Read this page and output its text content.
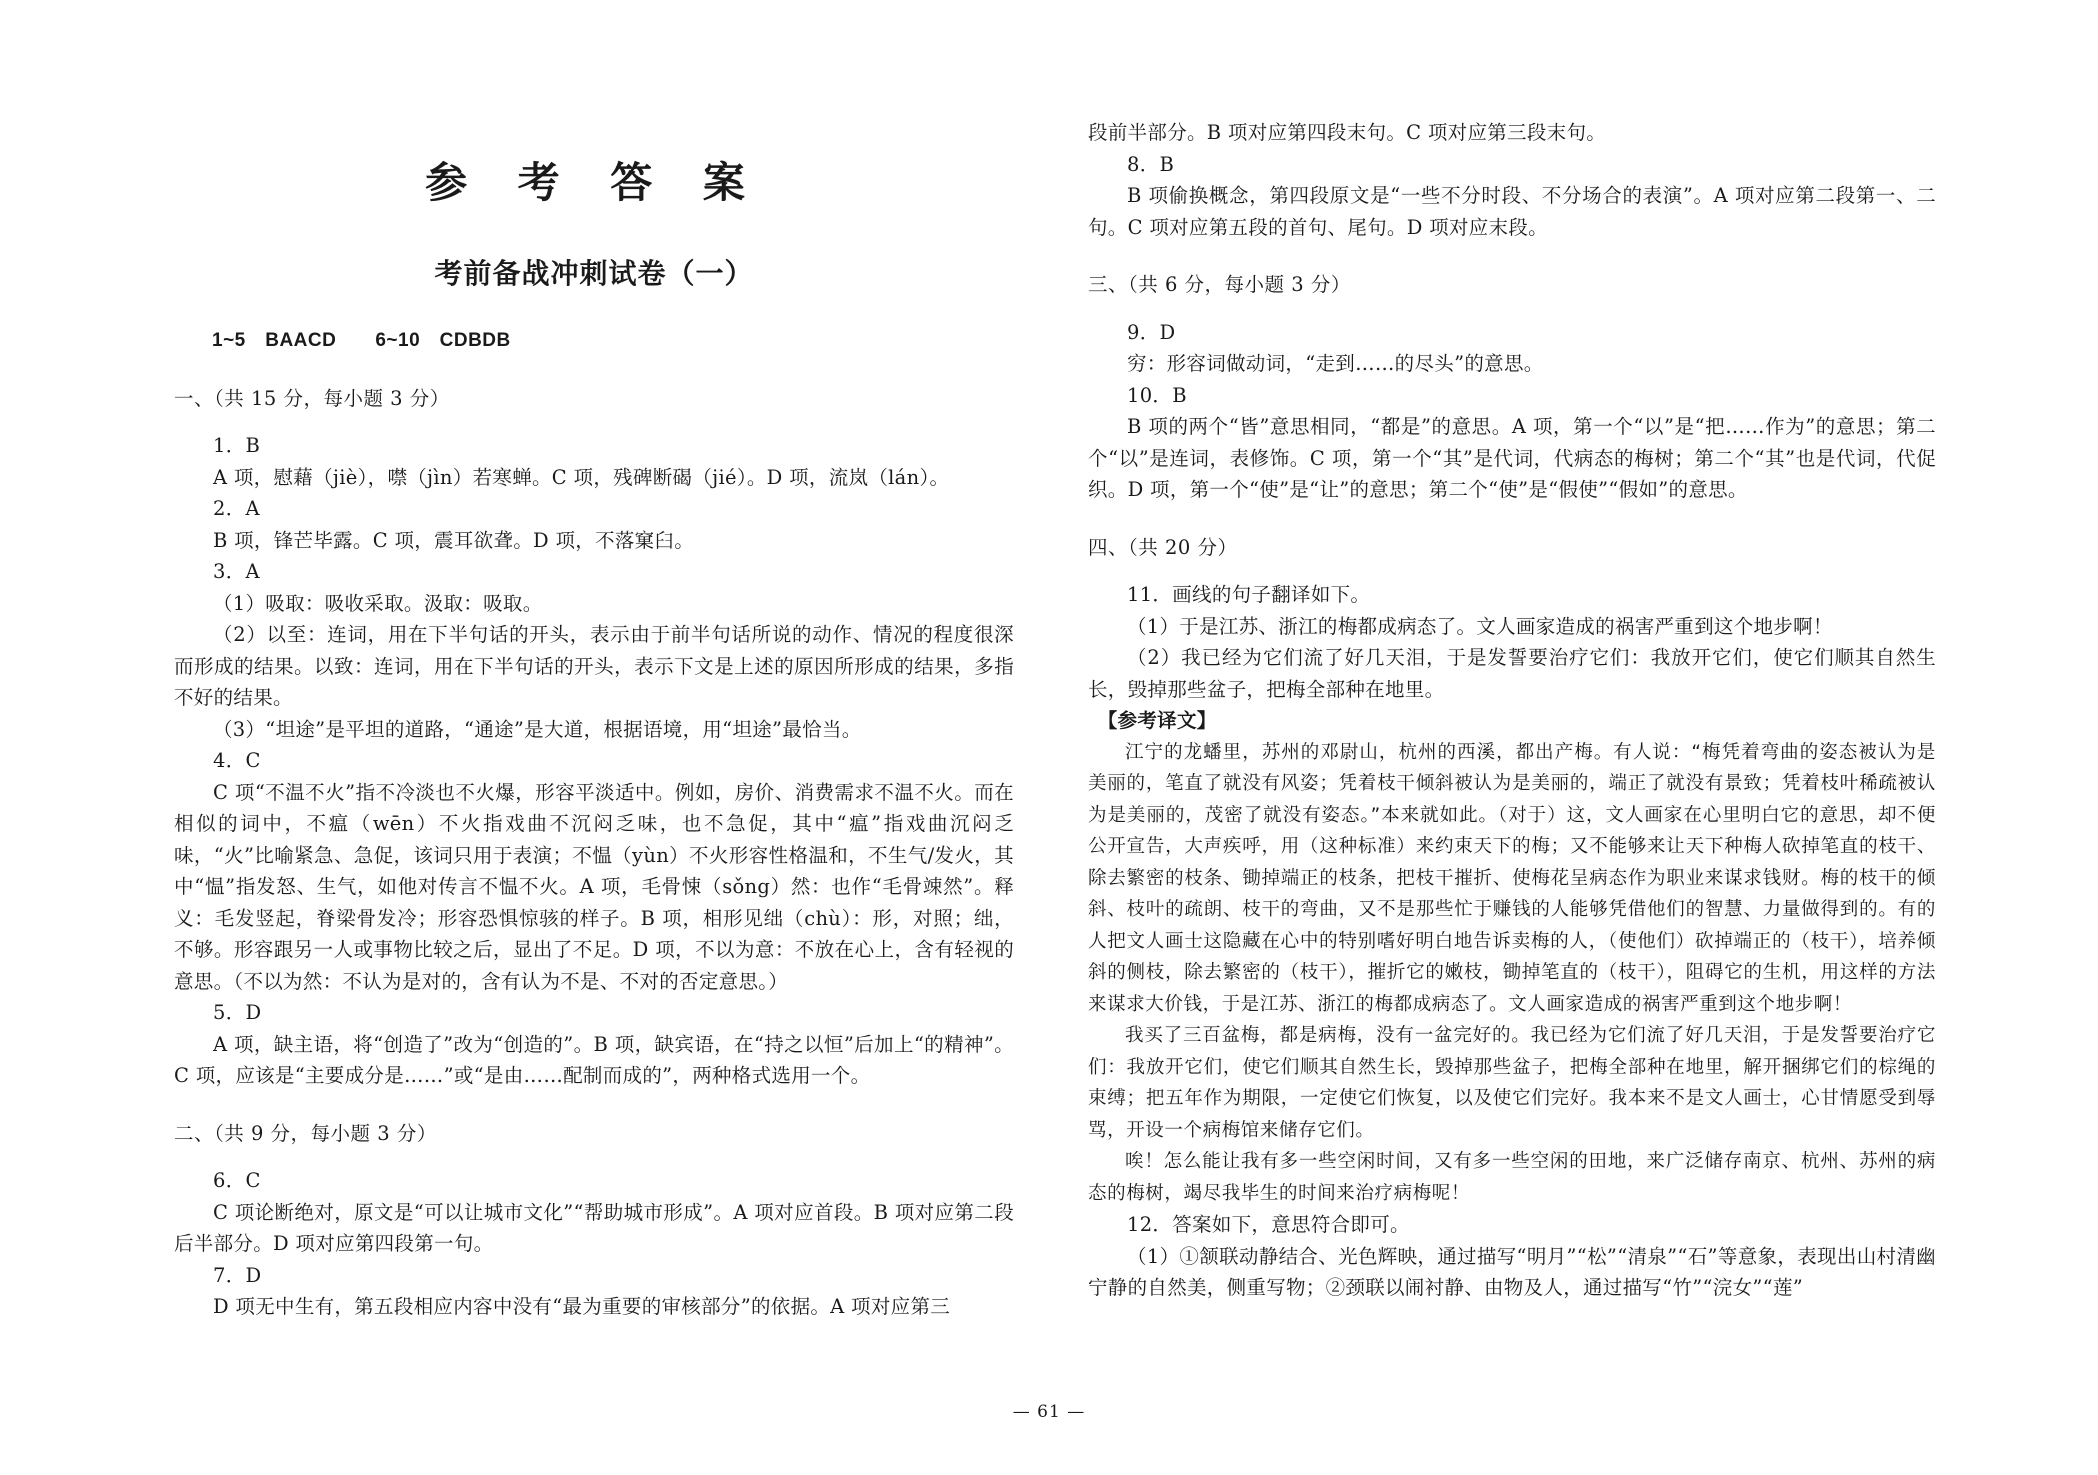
参 考 答 案
考前备战冲刺试卷（一）

1~5　BAACD　　6~10　CDBDB

一、（共 15 分，每小题 3 分）

1．B

A 项，慰藉（jiè），噤（jìn）若寒蝉。C 项，残碑断碣（jié）。D 项，流岚（lán）。

2．A

B 项，锋芒毕露。C 项，震耳欲聋。D 项，不落窠臼。

3．A

（1）吸取：吸收采取。汲取：吸取。

（2）以至：连词，用在下半句话的开头，表示由于前半句话所说的动作、情况的程度很深而形成的结果。以致：连词，用在下半句话的开头，表示下文是上述的原因所形成的结果，多指不好的结果。

（3）“坦途”是平坦的道路，“通途”是大道，根据语境，用“坦途”最恰当。

4．C

C 项“不温不火”指不冷淡也不火爆，形容平淡适中。例如，房价、消费需求不温不火。而在相似的词中，不瘟（wēn）不火指戏曲不沉闷乏味，也不急促，其中“瘟”指戏曲沉闷乏味，“火”比喻紧急、急促，该词只用于表演；不愠（yùn）不火形容性格温和，不生气/发火，其中“愠”指发怒、生气，如他对传言不愠不火。A 项，毛骨悚（sǒng）然：也作“毛骨竦然”。释义：毛发竖起，脊梁骨发冷；形容恐惧惊骇的样子。B 项，相形见绌（chù）：形，对照；绌，不够。形容跟另一人或事物比较之后，显出了不足。D 项，不以为意：不放在心上，含有轻视的意思。（不以为然：不认为是对的，含有认为不是、不对的否定意思。）

5．D

A 项，缺主语，将“创造了”改为“创造的”。B 项，缺宾语，在“持之以恒”后加上“的精神”。C 项，应该是“主要成分是……”或“是由……配制而成的”，两种格式选用一个。

二、（共 9 分，每小题 3 分）

6．C

C 项论断绝对，原文是“可以让城市文化”“帮助城市形成”。A 项对应首段。B 项对应第二段后半部分。D 项对应第四段第一句。

7．D

D 项无中生有，第五段相应内容中没有“最为重要的审核部分”的依据。A 项对应第三

段前半部分。B 项对应第四段末句。C 项对应第三段末句。

8．B

B 项偷换概念，第四段原文是“一些不分时段、不分场合的表演”。A 项对应第二段第一、二句。C 项对应第五段的首句、尾句。D 项对应末段。

三、（共 6 分，每小题 3 分）

9．D

穷：形容词做动词，“走到……的尽头”的意思。

10．B

B 项的两个“皆”意思相同，“都是”的意思。A 项，第一个“以”是“把……作为”的意思；第二个“以”是连词，表修饰。C 项，第一个“其”是代词，代病态的梅树；第二个“其”也是代词，代促织。D 项，第一个“使”是“让”的意思；第二个“使”是“假使”“假如”的意思。

四、（共 20 分）

11．画线的句子翻译如下。

（1）于是江苏、浙江的梅都成病态了。文人画家造成的祸害严重到这个地步啊！

（2）我已经为它们流了好几天泪，于是发誓要治疗它们：我放开它们，使它们顺其自然生长，毁掉那些盆子，把梅全部种在地里。

【参考译文】

江宁的龙蟠里，苏州的邓尉山，杭州的西溪，都出产梅。有人说：“梅凭着弯曲的姿态被认为是美丽的，笔直了就没有风姿；凭着枝干倾斜被认为是美丽的，端正了就没有景致；凭着枝叶稀疏被认为是美丽的，茂密了就没有姿态。”本来就如此。（对于）这，文人画家在心里明白它的意思，却不便公开宣告，大声疾呼，用（这种标准）来约束天下的梅；又不能够来让天下种梅人砍掉笔直的枝干、除去繁密的枝条、锄掉端正的枝条，把枝干摧折、使梅花呈病态作为职业来谋求钱财。梅的枝干的倾斜、枝叶的疏朗、枝干的弯曲，又不是那些忙于赚钱的人能够凭借他们的智慧、力量做得到的。有的人把文人画士这隐藏在心中的特别嗜好明白地告诉卖梅的人，（使他们）砍掉端正的（枝干），培养倾斜的侧枝，除去繁密的（枝干），摧折它的嫩枝，锄掉笔直的（枝干），阻碍它的生机，用这样的方法来谋求大价钱，于是江苏、浙江的梅都成病态了。文人画家造成的祸害严重到这个地步啊！

我买了三百盆梅，都是病梅，没有一盆完好的。我已经为它们流了好几天泪，于是发誓要治疗它们：我放开它们，使它们顺其自然生长，毁掉那些盆子，把梅全部种在地里，解开捆绑它们的棕绳的束缚；把五年作为期限，一定使它们恢复，以及使它们完好。我本来不是文人画士，心甘情愿受到辱骂，开设一个病梅馆来储存它们。

唉！怎么能让我有多一些空闲时间，又有多一些空闲的田地，来广泛储存南京、杭州、苏州的病态的梅树，竭尽我毕生的时间来治疗病梅呢！

12．答案如下，意思符合即可。

（1）①颔联动静结合、光色辉映，通过描写“明月”“松”“清泉”“石”等意象，表现出山村清幽宁静的自然美，侧重写物；②颈联以闹衬静、由物及人，通过描写“竹”“浣女”“莲”

— 61 —
